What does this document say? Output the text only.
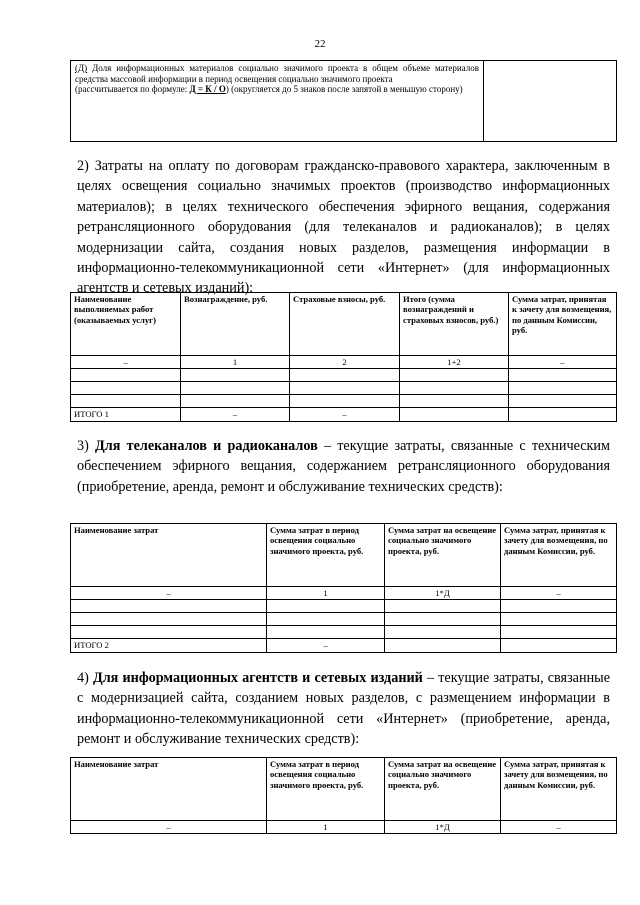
22
(Д) Доля информационных материалов социально значимого проекта в общем объеме материалов средства массовой информации в период освещения социально значимого проекта
(рассчитывается по формуле: Д = К / О) (округляется до 5 знаков после запятой в меньшую сторону)	
2) Затраты на оплату по договорам гражданско-правового характера, заключенным в целях освещения социально значимых проектов (производство информационных материалов); в целях технического обеспечения эфирного вещания, содержания ретрансляционного оборудования (для телеканалов и радиоканалов); в целях модернизации сайта, создания новых разделов, размещения информации в информационно-телекоммуникационной сети «Интернет» (для информационных агентств и сетевых изданий):
Наименование выполняемых работ (оказываемых услуг)	Вознаграждение, руб.	Страховые взносы, руб.	Итого (сумма вознаграждений и страховых взносов, руб.)	Сумма затрат, принятая к зачету для возмещения, по данным Комиссии, руб.
–	1	2	1+2	–

ИТОГО 1	–	–		
3) Для телеканалов и радиоканалов – текущие затраты, связанные с техническим обеспечением эфирного вещания, содержанием ретрансляционного оборудования (приобретение, аренда, ремонт и обслуживание технических средств):
Наименование затрат	Сумма затрат в период освещения социально значимого проекта, руб.	Сумма затрат на освещение социально значимого проекта, руб.	Сумма затрат, принятая к зачету для возмещения, по данным Комиссии, руб.
–	1	1*Д	–

ИТОГО 2	–		
4) Для информационных агентств и сетевых изданий – текущие затраты, связанные с модернизацией сайта, созданием новых разделов, с размещением информации в информационно-телекоммуникационной сети «Интернет» (приобретение, аренда, ремонт и обслуживание технических средств):
Наименование затрат	Сумма затрат в период освещения социально значимого проекта, руб.	Сумма затрат на освещение социально значимого проекта, руб.	Сумма затрат, принятая к зачету для возмещения, по данным Комиссии, руб.
–	1	1*Д	–
